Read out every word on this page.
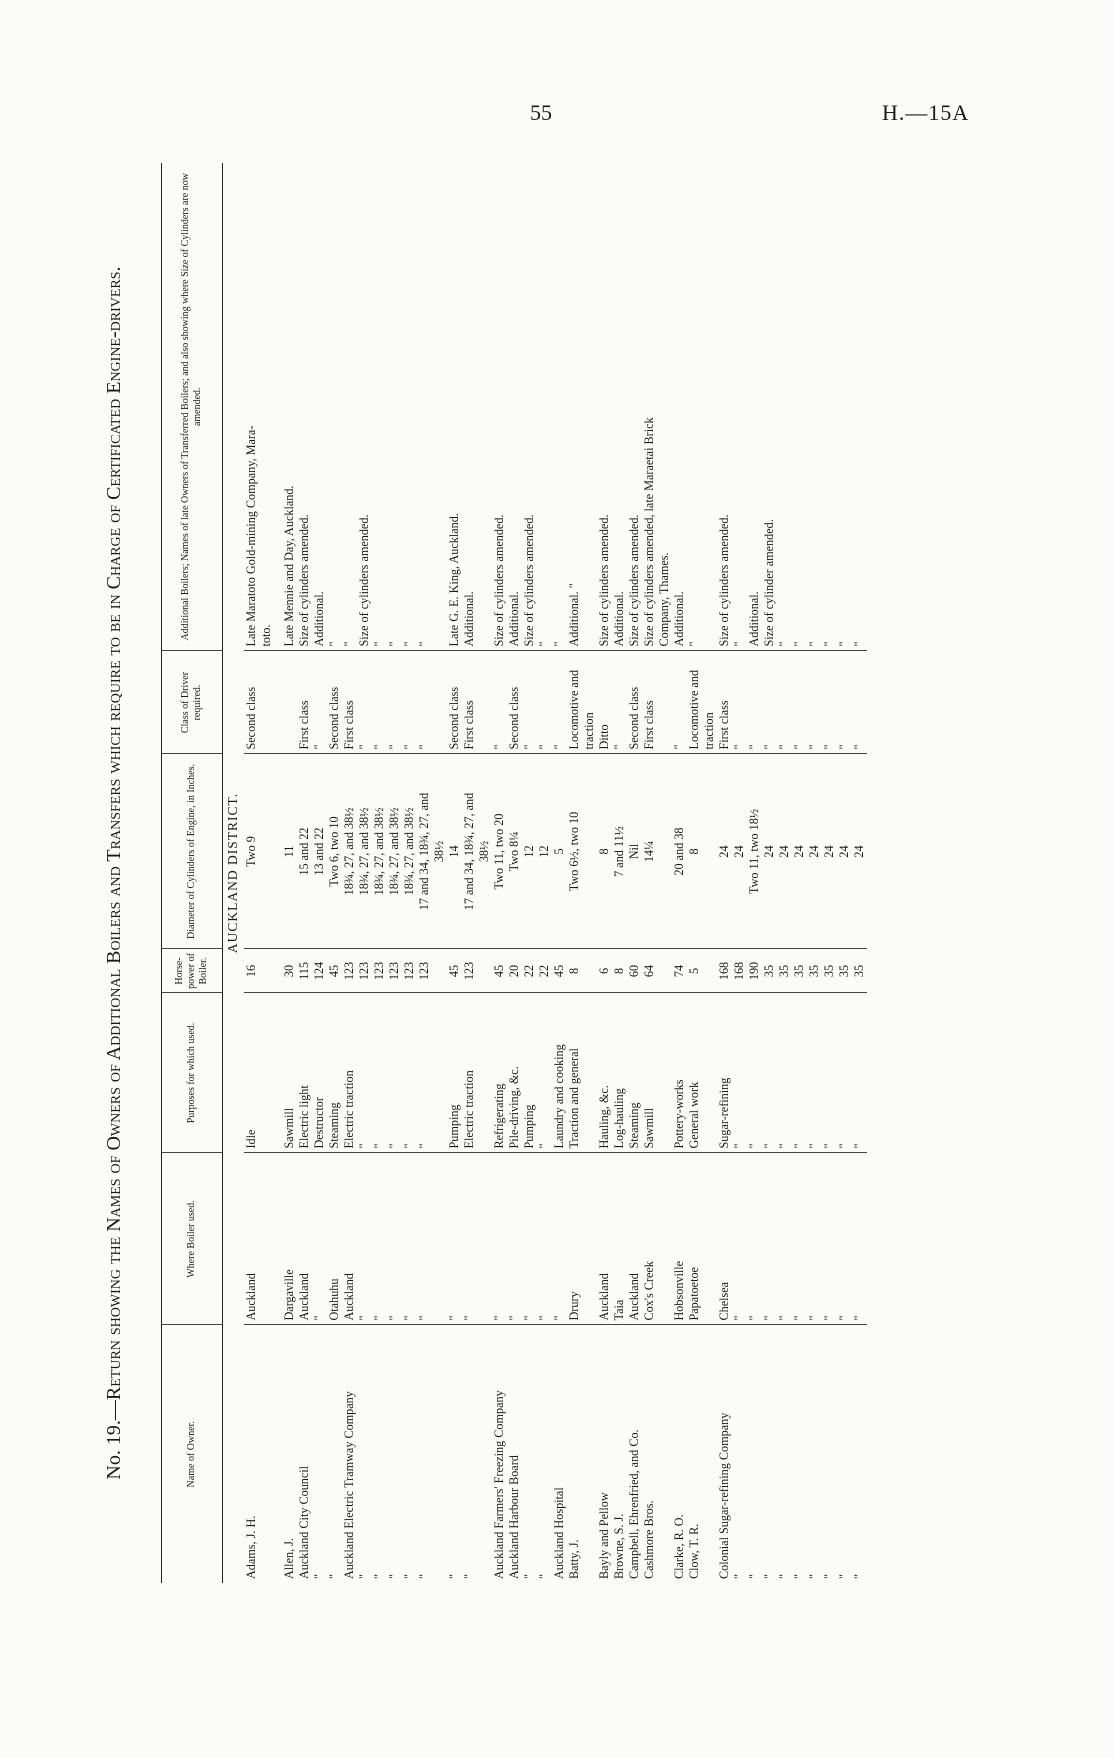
55	H.—15A
No. 19.—Return showing the Names of Owners of Additional Boilers and Transfers which require to be in Charge of Certificated Engine-drivers.
Name of Owner.	Where Boiler used.	Purposes for which used.	Horse-power of Boiler.	Diameter of Cylinders of Engine, in Inches.	Class of Driver required.	Additional Boilers; Names of late Owners of Transferred Boilers; and also showing where Size of Cylinders are now amended.
AUCKLAND DISTRICT.						
Adams, J. H.	Auckland	Idle	16	Two 9	Second class	Late Maratoto Gold-mining Company, Mara-
						toto.

Allen, J.	Dargaville	Sawmill	30	11		Late Mennie and Day, Auckland.
Auckland City Council	Auckland	Electric light	115	15 and 22	First class	Size of cylinders amended.
"	"	Destructor	124	13 and 22	"	Additional.
"	Otahuhu	Steaming	45	Two 6, two 10	Second class	"
Auckland Electric Tramway Company	Auckland	Electric traction	123	18¾, 27, and 38½	First class	"
"	"	"	123	18¾, 27, and 38½	"	Size of cylinders amended.
"	"	"	123	18¾, 27, and 38½	"	"
"	"	"	123	18¾, 27, and 38½	"	"
"	"	"	123	18¾, 27, and 38½	"	"
"	"	"	123	17 and 34, 18¾, 27, and	"	"
				38½		
"	"	Pumping	45	14	Second class	Late G. E. King, Auckland.
"	"	Electric traction	123	17 and 34, 18¾, 27, and	First class	Additional.
				38½		
Auckland Farmers' Freezing Company	"	Refrigerating	45	Two 11, two 20	"	Size of cylinders amended.
Auckland Harbour Board	"	Pile-driving, &c.	20	Two 8¼	Second class	Additional.
"	"	Pumping	22	12	"	Size of cylinders amended.
"	"	"	22	12	"	"
Auckland Hospital	"	Laundry and cooking	45	5	"	"
Batty, J.	Drury	Traction and general	8	Two 6½, two 10	Locomotive and	Additional. "
					traction	
Bayly and Pellow	Auckland	Hauling, &c.	6	8	Ditto	Size of cylinders amended.
Browne, S. J.	Taia	Log-hauling	8	7 and 11½	"	Additional.
Campbell, Ehrenfried, and Co.	Auckland	Steaming	60	Nil	Second class	Size of cylinders amended.
Cashmore Bros.	Cox's Creek	Sawmill	64	14¼	First class	Size of cylinders amended, late Maraetai Brick
						Company, Thames.
Clarke, R. O.	Hobsonville	Pottery-works	74	20 and 38	"	Additional.
Clow, T. R.	Papatoetoe	General work	5	8	Locomotive and	"
					traction	
Colonial Sugar-refining Company	Chelsea	Sugar-refining	168	24	First class	Size of cylinders amended.
"	"	"	168	24	"	"
"	"	"	190	Two 11, two 18½	"	Additional.
"	"	"	35	24	"	Size of cylinder amended.
"	"	"	35	24	"	"
"	"	"	35	24	"	"
"	"	"	35	24	"	"
"	"	"	35	24	"	"
"	"	"	35	24	"	"
"	"	"	35	24	"	"
